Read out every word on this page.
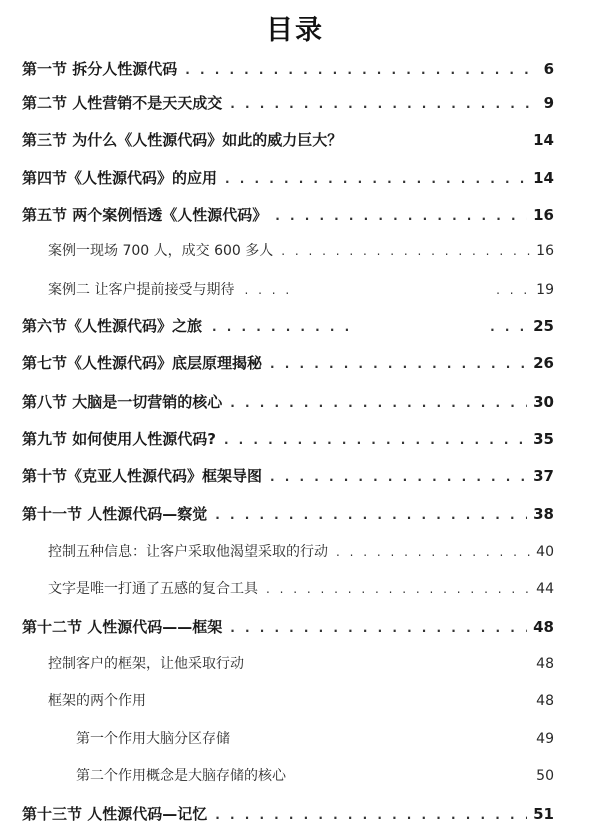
目录
第一节 拆分人性源代码 . . .	6
第二节 人性营销不是天天成交 . . .	9
第三节 为什么《人性源代码》如此的威力巨大？	14
第四节《人性源代码》的应用 . . .	14
第五节 两个案例悟透《人性源代码》 . . .	16
案例一现场 700 人，成交 600 多人 . . .	16
案例二 让客户提前接受与期待 . . . .	. . . 19
第六节《人性源代码》之旅 . . . . . . . . . .	. . . 25
第七节《人性源代码》底层原理揭秘 . . .	26
第八节 大脑是一切营销的核心 . . .	30
第九节 如何使用人性源代码? . . .	35
第十节《克亚人性源代码》框架导图 . . .	37
第十一节 人性源代码—察觉 . . .	38
控制五种信息：让客户采取他渴望采取的行动 . . .	40
文字是唯一打通了五感的复合工具 . . .	44
第十二节 人性源代码——框架 . . .	48
控制客户的框架，让他采取行动	48
框架的两个作用	48
第一个作用大脑分区存储	49
第二个作用概念是大脑存储的核心	50
第十三节 人性源代码—记忆 . . .	51
